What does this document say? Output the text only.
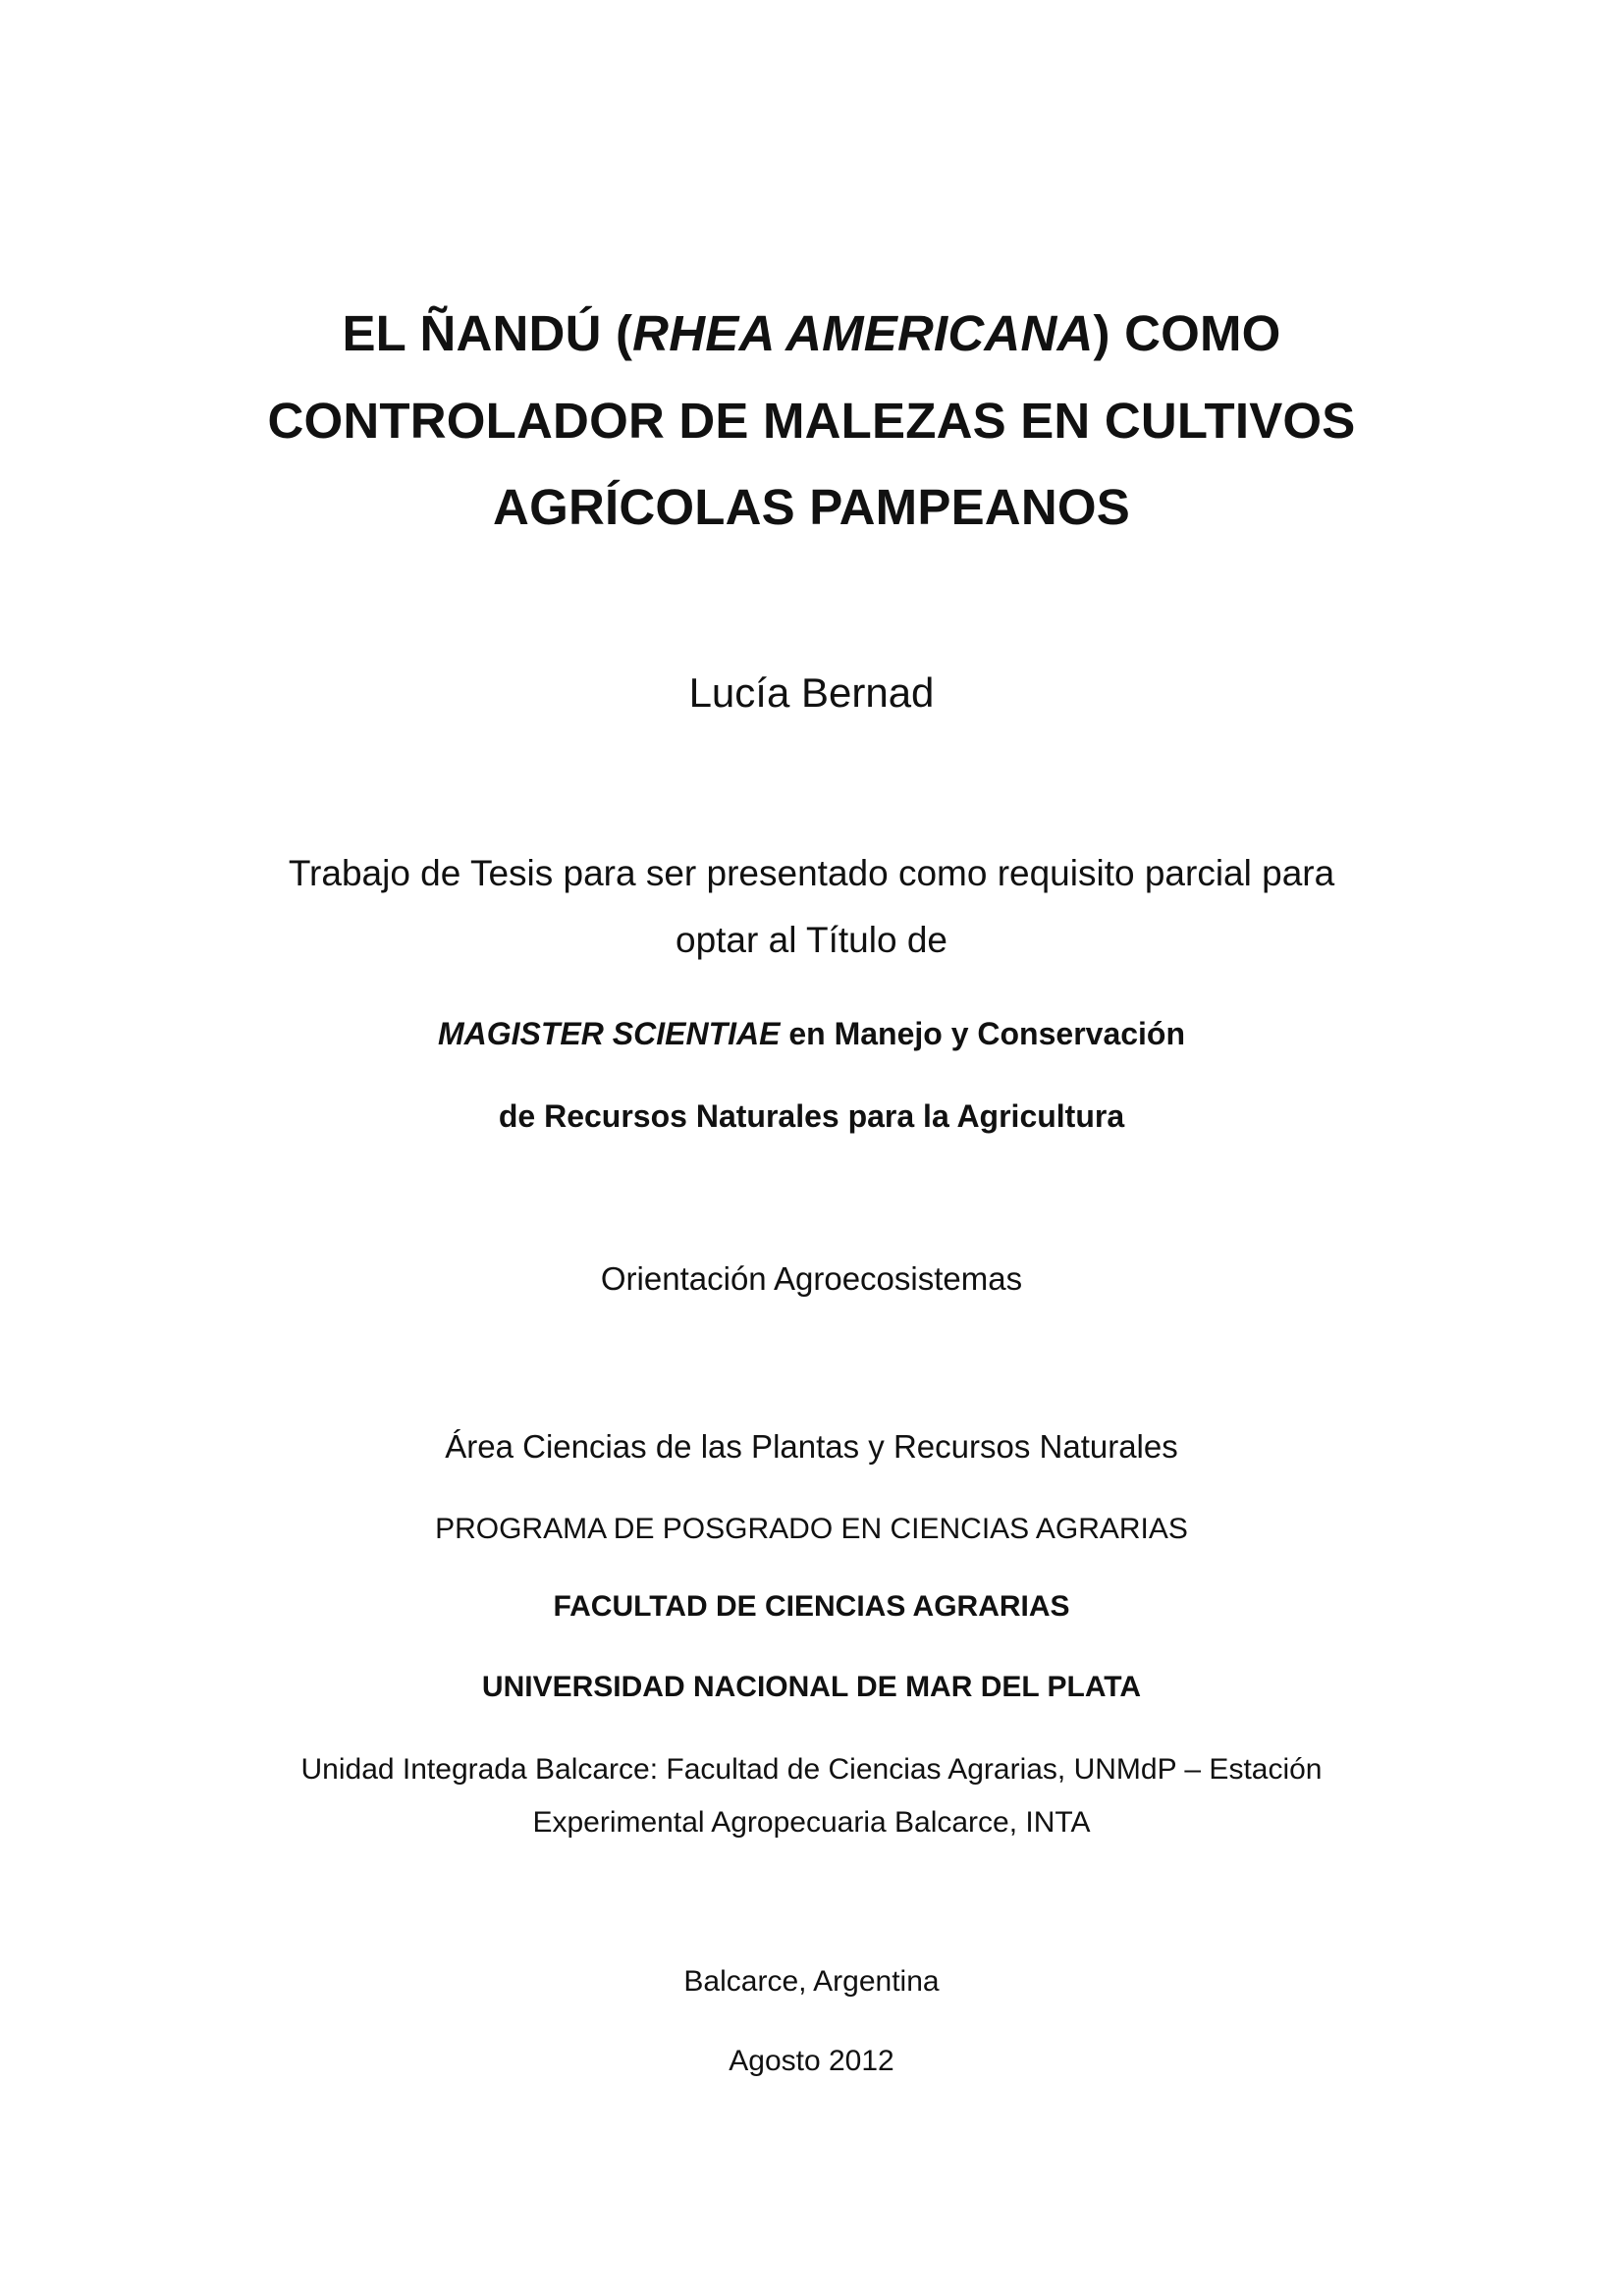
EL ÑANDÚ (RHEA AMERICANA) COMO
CONTROLADOR DE MALEZAS EN CULTIVOS
AGRÍCOLAS PAMPEANOS
Lucía Bernad
Trabajo de Tesis para ser presentado como requisito parcial para
optar al Título de
MAGISTER SCIENTIAE en Manejo y Conservación
de Recursos Naturales para la Agricultura
Orientación Agroecosistemas
Área Ciencias de las Plantas y Recursos Naturales
PROGRAMA DE POSGRADO EN CIENCIAS AGRARIAS
FACULTAD DE CIENCIAS AGRARIAS
UNIVERSIDAD NACIONAL DE MAR DEL PLATA
Unidad Integrada Balcarce: Facultad de Ciencias Agrarias, UNMdP – Estación
Experimental Agropecuaria Balcarce, INTA
Balcarce, Argentina
Agosto 2012
